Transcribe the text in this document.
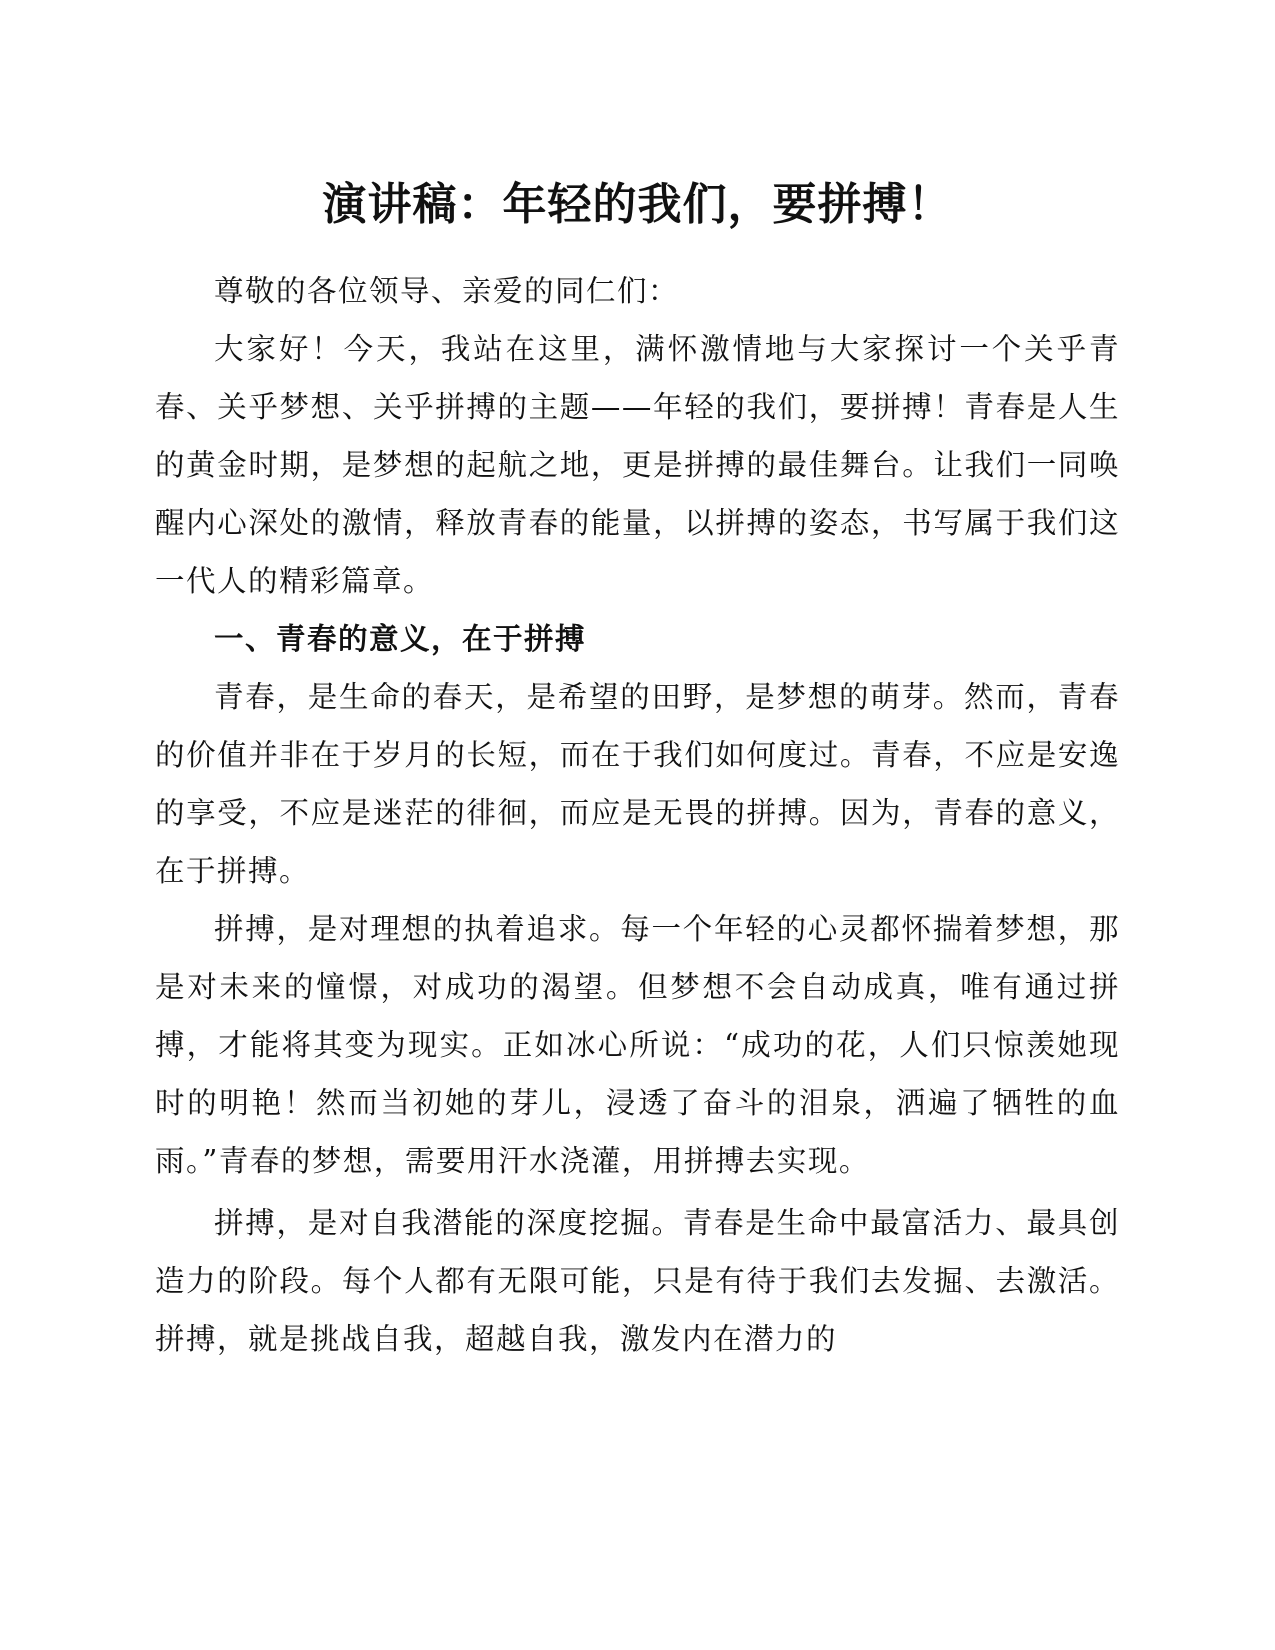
演讲稿：年轻的我们，要拼搏！

尊敬的各位领导、亲爱的同仁们：

大家好！今天，我站在这里，满怀激情地与大家探讨一个关乎青春、关乎梦想、关乎拼搏的主题——年轻的我们，要拼搏！青春是人生的黄金时期，是梦想的起航之地，更是拼搏的最佳舞台。让我们一同唤醒内心深处的激情，释放青春的能量，以拼搏的姿态，书写属于我们这一代人的精彩篇章。

一、青春的意义，在于拼搏

青春，是生命的春天，是希望的田野，是梦想的萌芽。然而，青春的价值并非在于岁月的长短，而在于我们如何度过。青春，不应是安逸的享受，不应是迷茫的徘徊，而应是无畏的拼搏。因为，青春的意义，在于拼搏。

拼搏，是对理想的执着追求。每一个年轻的心灵都怀揣着梦想，那是对未来的憧憬，对成功的渴望。但梦想不会自动成真，唯有通过拼搏，才能将其变为现实。正如冰心所说：“成功的花，人们只惊羡她现时的明艳！然而当初她的芽儿，浸透了奋斗的泪泉，洒遍了牺牲的血雨。”青春的梦想，需要用汗水浇灌，用拼搏去实现。

拼搏，是对自我潜能的深度挖掘。青春是生命中最富活力、最具创造力的阶段。每个人都有无限可能，只是有待于我们去发掘、去激活。拼搏，就是挑战自我，超越自我，激发内在潜力的
